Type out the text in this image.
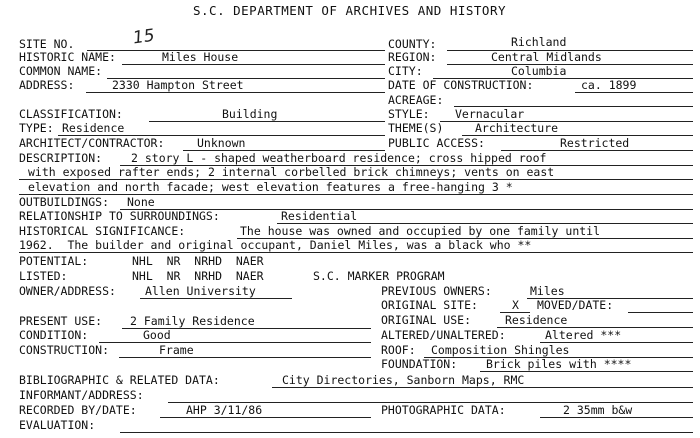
S.C. DEPARTMENT OF ARCHIVES AND HISTORY
SITE NO.	15
HISTORIC NAME:	Miles House
COMMON NAME:
ADDRESS:	2330 Hampton Street
COUNTY:	Richland
REGION:	Central Midlands
CITY:	Columbia
DATE OF CONSTRUCTION:	ca. 1899
ACREAGE:
CLASSIFICATION:	Building
TYPE: Residence
ARCHITECT/CONTRACTOR:	Unknown
STYLE: Vernacular
THEME(S)	Architecture
PUBLIC ACCESS:	Restricted
DESCRIPTION:	2 story L - shaped weatherboard residence; cross hipped roof
with exposed rafter ends; 2 internal corbelled brick chimneys; vents on east
elevation and north facade; west elevation features a free-hanging 3 *
OUTBUILDINGS: None
RELATIONSHIP TO SURROUNDINGS:	Residential
HISTORICAL SIGNIFICANCE:	The house was owned and occupied by one family until
1962.  The builder and original occupant, Daniel Miles, was a black who **
POTENTIAL:	NHL  NR  NRHD  NAER
LISTED:	NHL  NR  NRHD  NAER	S.C. MARKER PROGRAM
OWNER/ADDRESS:	Allen University	PREVIOUS OWNERS:	Miles
ORIGINAL SITE:	X MOVED/DATE:
PRESENT USE: 2 Family Residence	ORIGINAL USE:	Residence
CONDITION:	Good	ALTERED/UNALTERED:	Altered ***
CONSTRUCTION:	Frame	ROOF: Composition Shingles
FOUNDATION:	Brick piles with ****
BIBLIOGRAPHIC & RELATED DATA:	City Directories, Sanborn Maps, RMC
INFORMANT/ADDRESS:
RECORDED BY/DATE:	AHP 3/11/86	PHOTOGRAPHIC DATA:	2 35mm b&w
EVALUATION:
